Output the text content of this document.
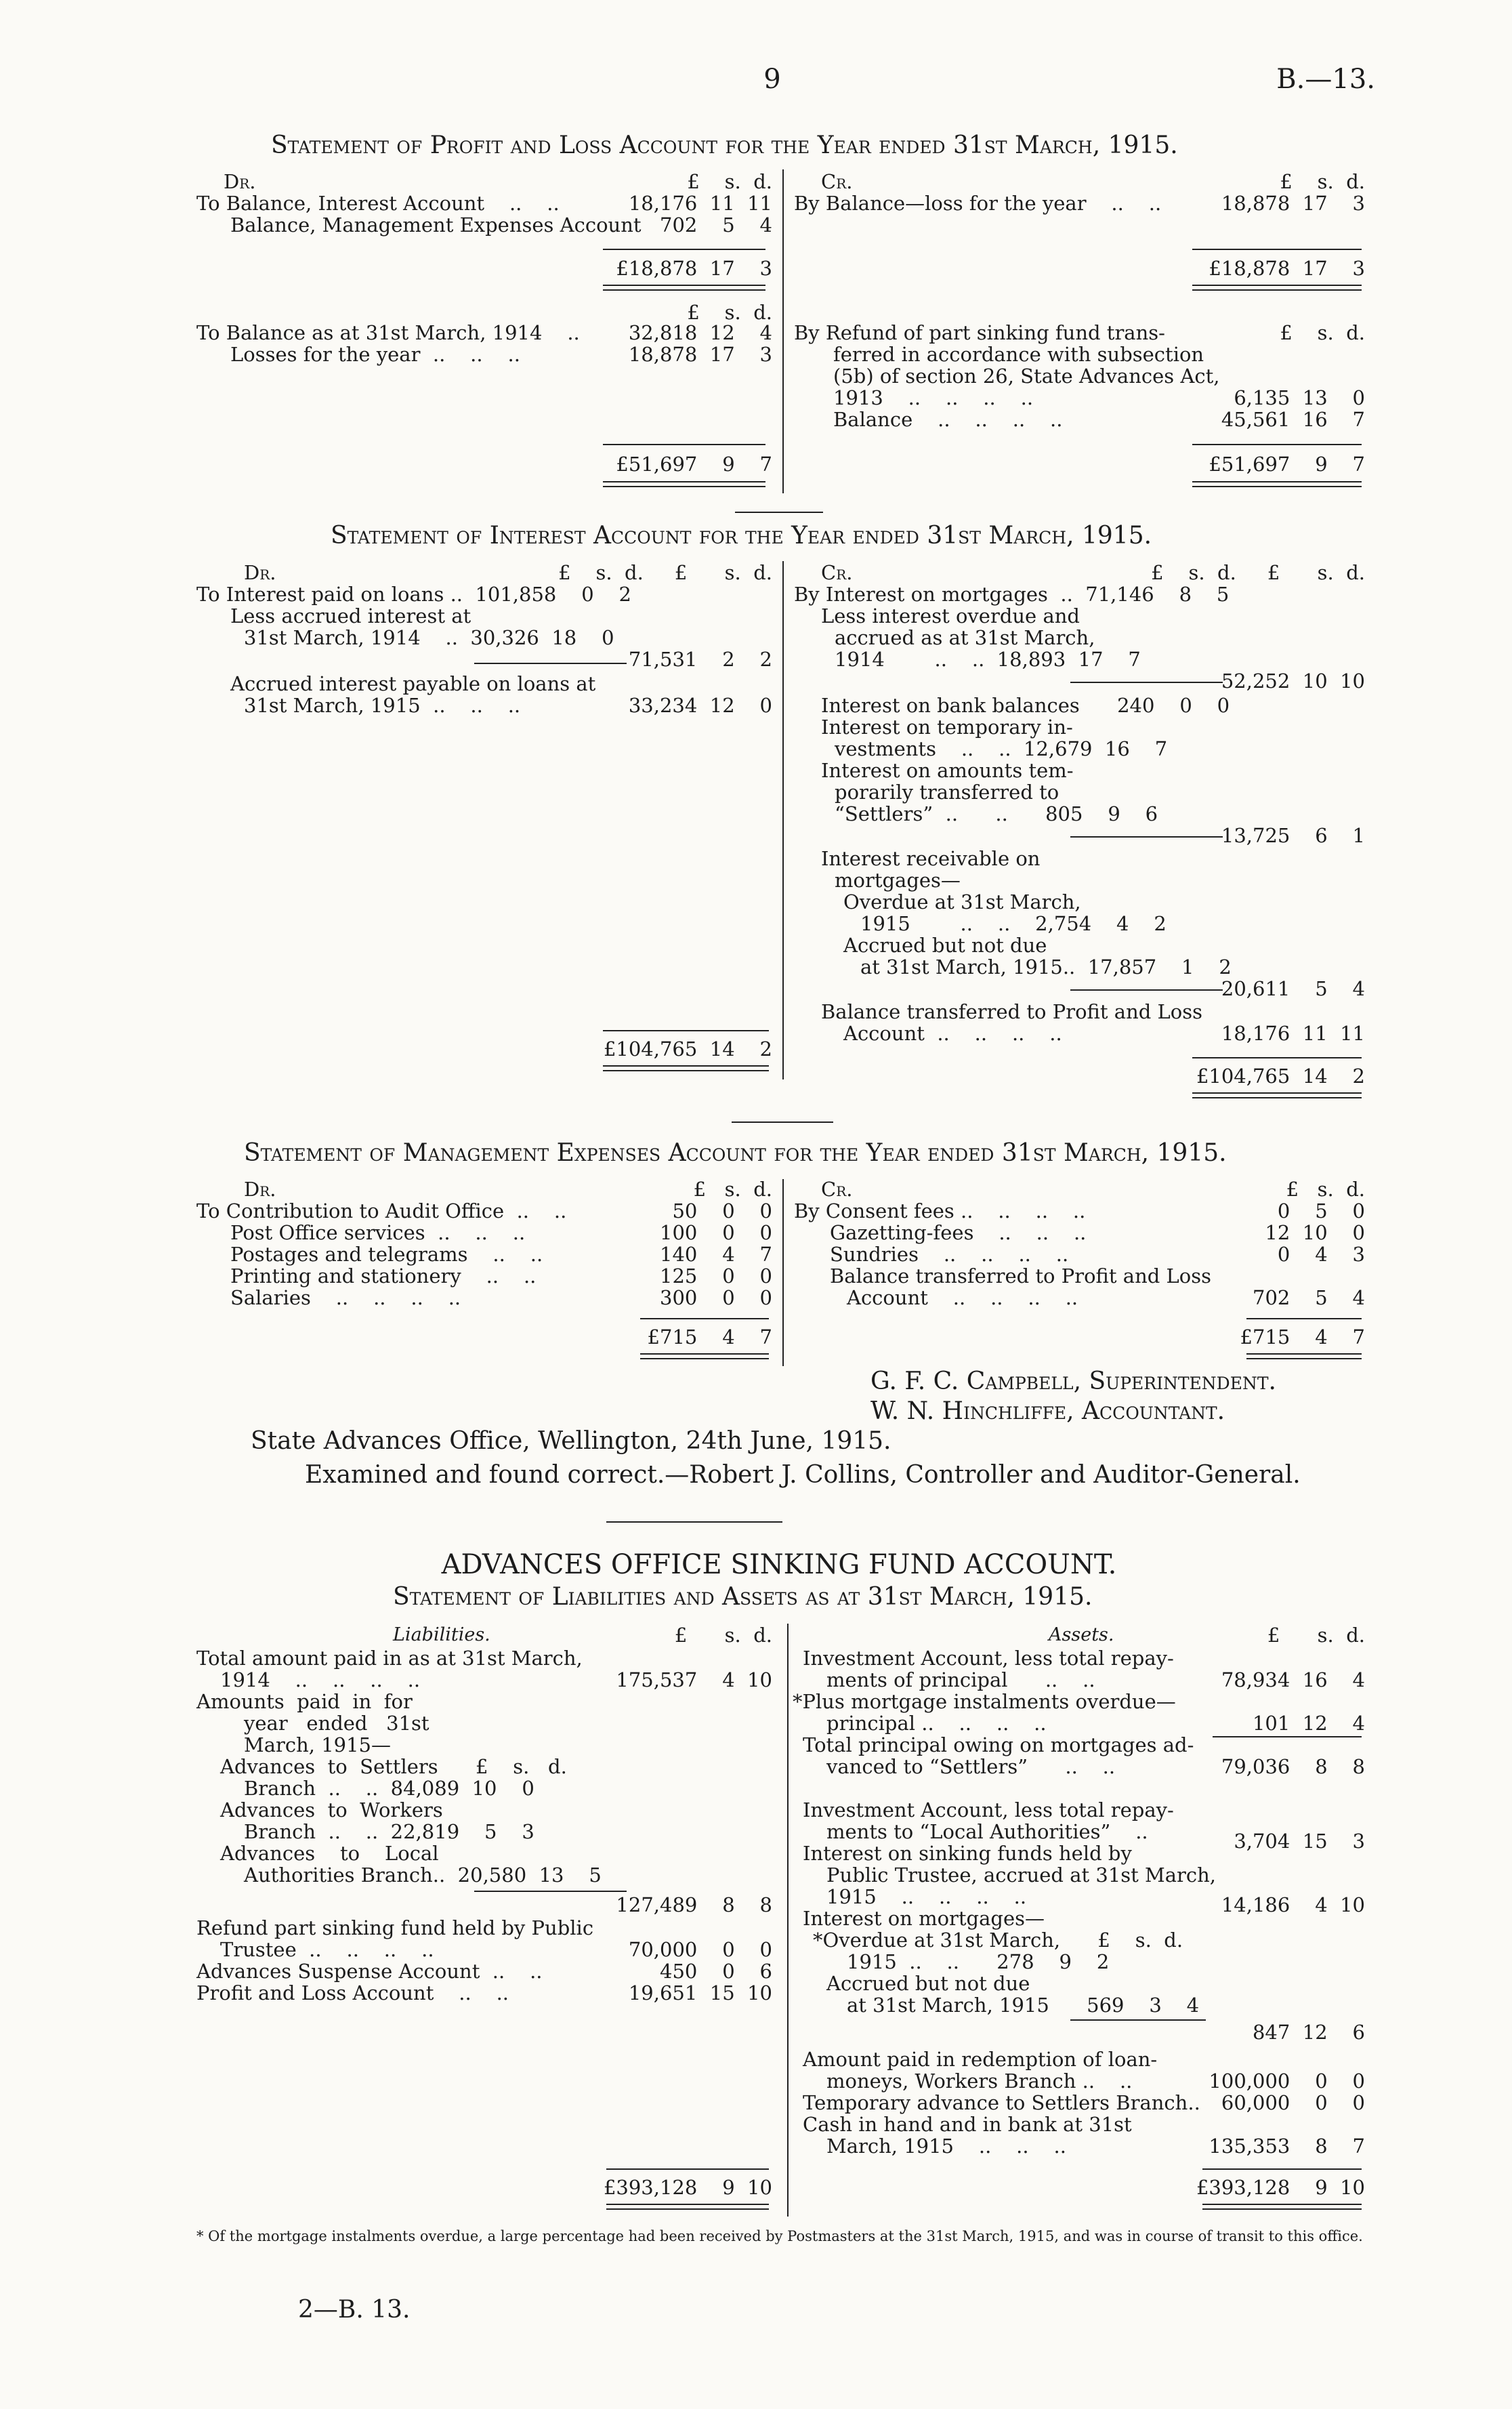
9	B.—13.
Statement of Profit and Loss Account for the Year ended 31st March, 1915.
Dr.	£    s.  d. Cr.	£    s.  d.
To Balance, Interest Account    ..    ..	18,176  11  11
Balance, Management Expenses Account 702    5    4
£18,878  17    3
By Balance—loss for the year    ..    ..	18,878  17    3
£18,878  17    3
£    s.  d.
To Balance as at 31st March, 1914    ..	32,818  12    4
Losses for the year  ..    ..    ..	18,878  17    3
£51,697    9    7
By Refund of part sinking fund trans-	£    s.  d.
ferred in accordance with subsection
(5b) of section 26, State Advances Act,
1913    ..    ..    ..    ..	6,135  13    0
Balance    ..    ..    ..    ..	45,561  16    7
£51,697    9    7
Statement of Interest Account for the Year ended 31st March, 1915.
Dr.	£    s.  d.     £      s.  d. Cr.	£    s.  d.     £      s.  d.
To Interest paid on loans ..  101,858    0    2
Less accrued interest at
31st March, 1914    ..  30,326  18    0
71,531    2    2
Accrued interest payable on loans at
31st March, 1915  ..    ..    ..	33,234  12    0
£104,765  14    2
By Interest on mortgages  ..  71,146    8    5
Less interest overdue and
accrued as at 31st March,
1914        ..    ..  18,893  17    7
52,252  10  10
Interest on bank balances      240    0    0
Interest on temporary in-
vestments    ..    ..  12,679  16    7
Interest on amounts tem-
porarily transferred to
“Settlers”  ..      ..      805    9    6
13,725    6    1
Interest receivable on
mortgages—
Overdue at 31st March,
1915        ..    ..    2,754    4    2
Accrued but not due
at 31st March, 1915..  17,857    1    2
20,611    5    4
Balance transferred to Profit and Loss
Account  ..    ..    ..    ..	18,176  11  11
£104,765  14    2
Statement of Management Expenses Account for the Year ended 31st March, 1915.
Dr.	£   s.  d. Cr.	£   s.  d.
To Contribution to Audit Office  ..    ..	50    0    0
Post Office services  ..    ..    ..	100    0    0
Postages and telegrams    ..    ..	140    4    7
Printing and stationery    ..    ..	125    0    0
Salaries    ..    ..    ..    ..	300    0    0
£715    4    7
By Consent fees ..    ..    ..    ..	0    5    0
Gazetting-fees    ..    ..    ..	12  10    0
Sundries    ..    ..    ..    ..	0    4    3
Balance transferred to Profit and Loss
Account    ..    ..    ..    ..	702    5    4
£715    4    7
G. F. C. Campbell, Superintendent.
W. N. Hinchliffe, Accountant.
State Advances Office, Wellington, 24th June, 1915.
Examined and found correct.—Robert J. Collins, Controller and Auditor-General.
ADVANCES OFFICE SINKING FUND ACCOUNT.
Statement of Liabilities and Assets as at 31st March, 1915.
Liabilities.	£      s.  d.	Assets.	£      s.  d.
Total amount paid in as at 31st March,
1914    ..    ..    ..    ..	175,537    4  10
Amounts  paid  in  for
year   ended   31st
March, 1915—
Advances  to  Settlers      £    s.   d.
Branch  ..    ..  84,089  10    0
Advances  to  Workers
Branch  ..    ..  22,819    5    3
Advances    to    Local
Authorities Branch..  20,580  13    5
127,489    8    8
Refund part sinking fund held by Public
Trustee  ..    ..    ..    ..	70,000    0    0
Advances Suspense Account  ..    ..	450    0    6
Profit and Loss Account    ..    ..	19,651  15  10
£393,128    9  10
Investment Account, less total repay-
ments of principal      ..    ..	78,934  16    4
*Plus mortgage instalments overdue—
principal ..    ..    ..    ..	101  12    4
Total principal owing on mortgages ad-
vanced to “Settlers”      ..    ..	79,036    8    8
Investment Account, less total repay-
ments to “Local Authorities”    ..	3,704  15    3
Interest on sinking funds held by
Public Trustee, accrued at 31st March,
1915    ..    ..    ..    ..	14,186    4  10
Interest on mortgages—
*Overdue at 31st March,      £    s.  d.
1915  ..    ..      278    9    2
Accrued but not due
at 31st March, 1915      569    3    4
847  12    6
Amount paid in redemption of loan-
moneys, Workers Branch ..    ..	100,000    0    0
Temporary advance to Settlers Branch..	60,000    0    0
Cash in hand and in bank at 31st
March, 1915    ..    ..    ..	135,353    8    7
£393,128    9  10
* Of the mortgage instalments overdue, a large percentage had been received by Postmasters at the 31st March, 1915, and was in course of transit to this office.
2—B. 13.
